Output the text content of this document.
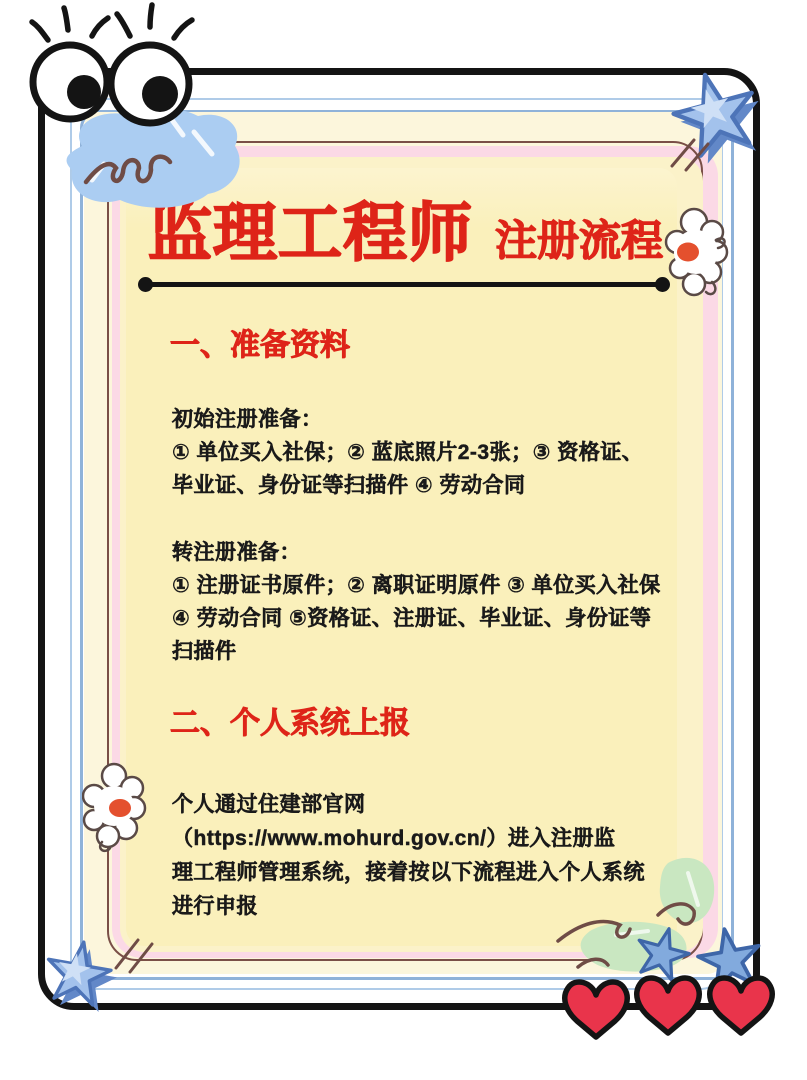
监理工程师 注册流程
一、准备资料
初始注册准备：
① 单位买入社保；② 蓝底照片2-3张；③ 资格证、
毕业证、身份证等扫描件 ④ 劳动合同
转注册准备：
① 注册证书原件；② 离职证明原件 ③ 单位买入社保
④ 劳动合同 ⑤资格证、注册证、毕业证、身份证等
扫描件
二、个人系统上报
个人通过住建部官网
（https://www.mohurd.gov.cn/）进入注册监
理工程师管理系统，接着按以下流程进入个人系统
进行申报
